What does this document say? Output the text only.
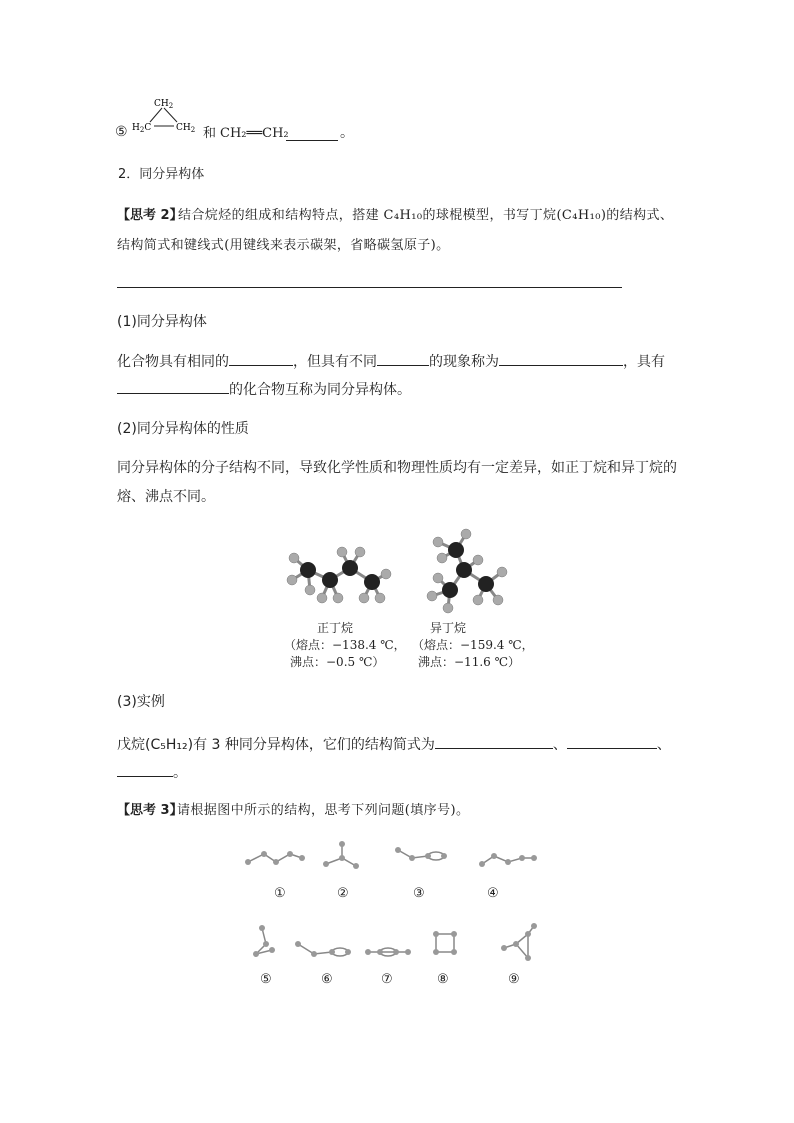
⑤
$CH_2$
$H_2C$	$CH_2$ 和 CH₂══CH₂	。
2．同分异构体
【思考 2】
结合烷烃的组成和结构特点，搭建 C₄H₁₀的球棍模型，书写丁烷(C₄H₁₀)的结构式、
结构简式和键线式(用键线来表示碳架，省略碳氢原子)。
(1)同分异构体
化合物具有相同的	，但具有不同	的现象称为	，具有
的化合物互称为同分异构体。
(2)同分异构体的性质
同分异构体的分子结构不同，导致化学性质和物理性质均有一定差异，如正丁烷和异丁烷的
熔、沸点不同。
正丁烷
（熔点：−138.4 ℃，
沸点：−0.5 ℃）
异丁烷
（熔点：−159.4 ℃，
沸点：−11.6 ℃）
(3)实例
戊烷(C₅H₁₂)有 3 种同分异构体，它们的结构简式为	、	、
。
【思考 3】
请根据图中所示的结构，思考下列问题(填序号)。
①	②	③	④
⑤	⑥	⑦	⑧	⑨
